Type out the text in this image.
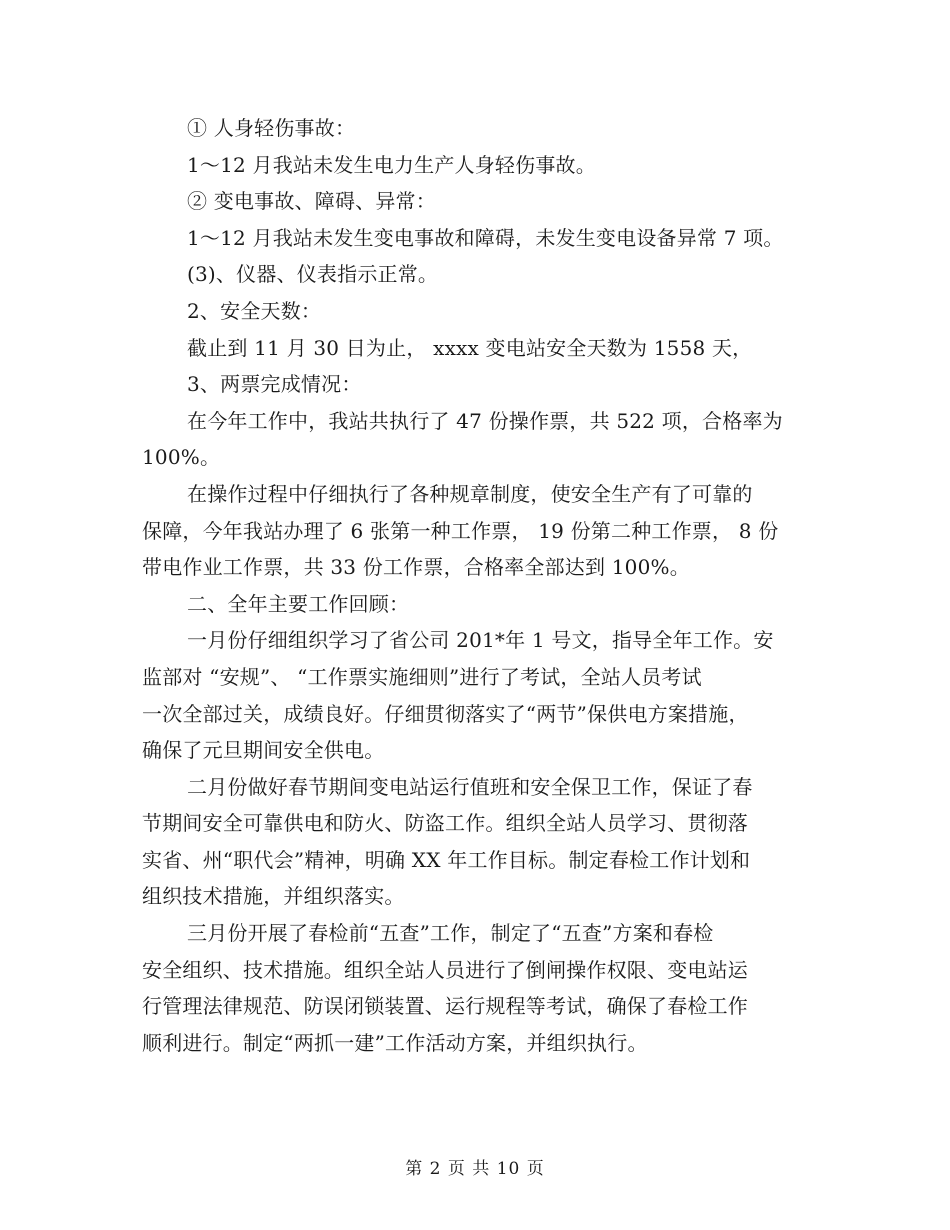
① 人身轻伤事故：
1～12 月我站未发生电力生产人身轻伤事故。
② 变电事故、障碍、异常：
1～12 月我站未发生变电事故和障碍，未发生变电设备异常 7 项。
(3)、仪器、仪表指示正常。
2、安全天数：
截止到 11 月 30 日为止， xxxx 变电站安全天数为 1558 天，
3、两票完成情况：
在今年工作中，我站共执行了 47 份操作票，共 522 项，合格率为
100%。
在操作过程中仔细执行了各种规章制度，使安全生产有了可靠的
保障，今年我站办理了 6 张第一种工作票， 19 份第二种工作票， 8 份
带电作业工作票，共 33 份工作票，合格率全部达到 100%。
二、全年主要工作回顾：
一月份仔细组织学习了省公司 201*年 1 号文，指导全年工作。安
监部对 “安规”、 “工作票实施细则”进行了考试，全站人员考试
一次全部过关，成绩良好。仔细贯彻落实了“两节”保供电方案措施，
确保了元旦期间安全供电。
二月份做好春节期间变电站运行值班和安全保卫工作，保证了春
节期间安全可靠供电和防火、防盗工作。组织全站人员学习、贯彻落
实省、州“职代会”精神，明确 XX 年工作目标。制定春检工作计划和
组织技术措施，并组织落实。
三月份开展了春检前“五查”工作，制定了“五查”方案和春检
安全组织、技术措施。组织全站人员进行了倒闸操作权限、变电站运
行管理法律规范、防误闭锁装置、运行规程等考试，确保了春检工作
顺利进行。制定“两抓一建”工作活动方案，并组织执行。
第 2 页 共 10 页
